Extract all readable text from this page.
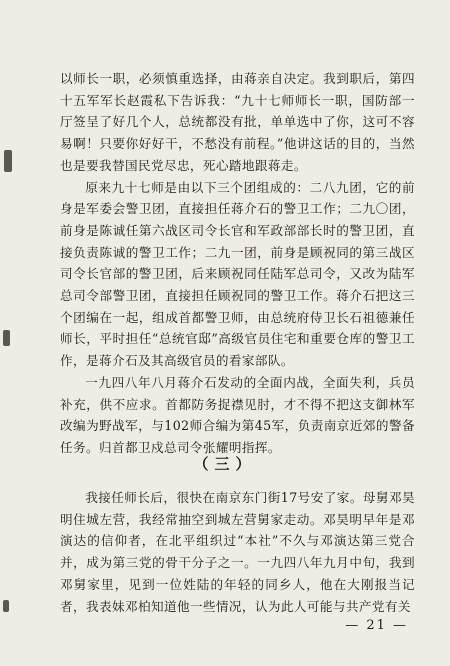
以师长一职，必须慎重选择，由蒋亲自决定。我到职后，第四十五军军长赵霞私下告诉我：“九十七师师长一职，国防部一厅签呈了好几个人，总统都没有批，单单选中了你，这可不容易啊！只要你好好干，不愁没有前程。”他讲这话的目的，当然也是要我替国民党尽忠，死心踏地跟蒋走。

原来九十七师是由以下三个团组成的：二八九团，它的前身是军委会警卫团，直接担任蒋介石的警卫工作；二九〇团，前身是陈诚任第六战区司令长官和军政部部长时的警卫团，直接负责陈诚的警卫工作；二九一团，前身是顾祝同的第三战区司令长官部的警卫团，后来顾祝同任陆军总司令，又改为陆军总司令部警卫团，直接担任顾祝同的警卫工作。蒋介石把这三个团编在一起，组成首都警卫师，由总统府侍卫长石祖德兼任师长，平时担任“总统官邸”高级官员住宅和重要仓库的警卫工作，是蒋介石及其高级官员的看家部队。

一九四八年八月蒋介石发动的全面内战，全面失利，兵员补充，供不应求。首都防务捉襟见肘，才不得不把这支御林军改编为野战军，与102师合编为第45军，负责南京近郊的警备任务。归首都卫戍总司令张耀明指挥。

（三）

我接任师长后，很快在南京东门街17号安了家。母舅邓昊明住城左营，我经常抽空到城左营舅家走动。邓昊明早年是邓演达的信仰者，在北平组织过“本社”不久与邓演达第三党合并，成为第三党的骨干分子之一。一九四八年九月中旬，我到邓舅家里，见到一位姓陆的年轻的同乡人，他在大刚报当记者，我表妹邓柏知道他一些情况，认为此人可能与共产党有关

— 21 —
